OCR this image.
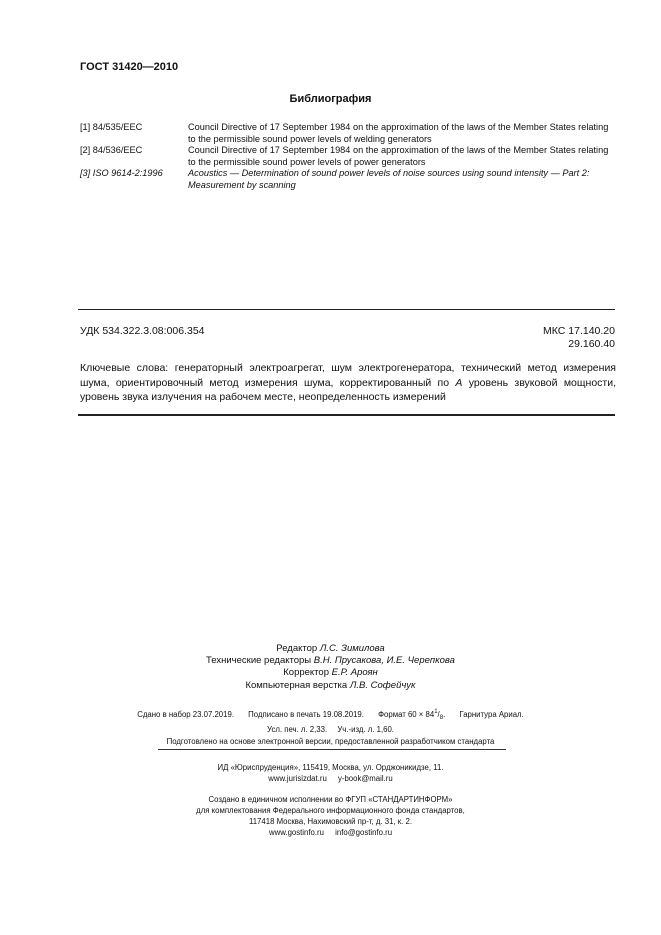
ГОСТ 31420—2010
Библиография
[1] 84/535/EEC	Council Directive of 17 September 1984 on the approximation of the laws of the Member States relating to the permissible sound power levels of welding generators
[2] 84/536/EEC	Council Directive of 17 September 1984 on the approximation of the laws of the Member States relating to the permissible sound power levels of power generators
[3] ISO 9614-2:1996	Acoustics — Determination of sound power levels of noise sources using sound intensity — Part 2: Measurement by scanning
УДК 534.322.3.08:006.354	МКС 17.140.20
29.160.40
Ключевые слова: генераторный электроагрегат, шум электрогенератора, технический метод измерения шума, ориентировочный метод измерения шума, корректированный по А уровень звуковой мощности, уровень звука излучения на рабочем месте, неопределенность измерений
Редактор Л.С. Зимилова
Технические редакторы В.Н. Прусакова, И.Е. Черепкова
Корректор Е.Р. Ароян
Компьютерная верстка Л.В. Софейчук
Сдано в набор 23.07.2019. Подписано в печать 19.08.2019. Формат $60 \times 84^1/_8$. Гарнитура Ариал.
Усл. печ. л. 2,33. Уч.-изд. л. 1,60.
Подготовлено на основе электронной версии, предоставленной разработчиком стандарта
ИД «Юриспруденция», 115419, Москва, ул. Орджоникидзе, 11.
www.jurisizdat.ru y-book@mail.ru
Создано в единичном исполнении во ФГУП «СТАНДАРТИНФОРМ»
для комплектования Федерального информационного фонда стандартов,
117418 Москва, Нахимовский пр-т, д. 31, к. 2.
www.gostinfo.ru info@gostinfo.ru
